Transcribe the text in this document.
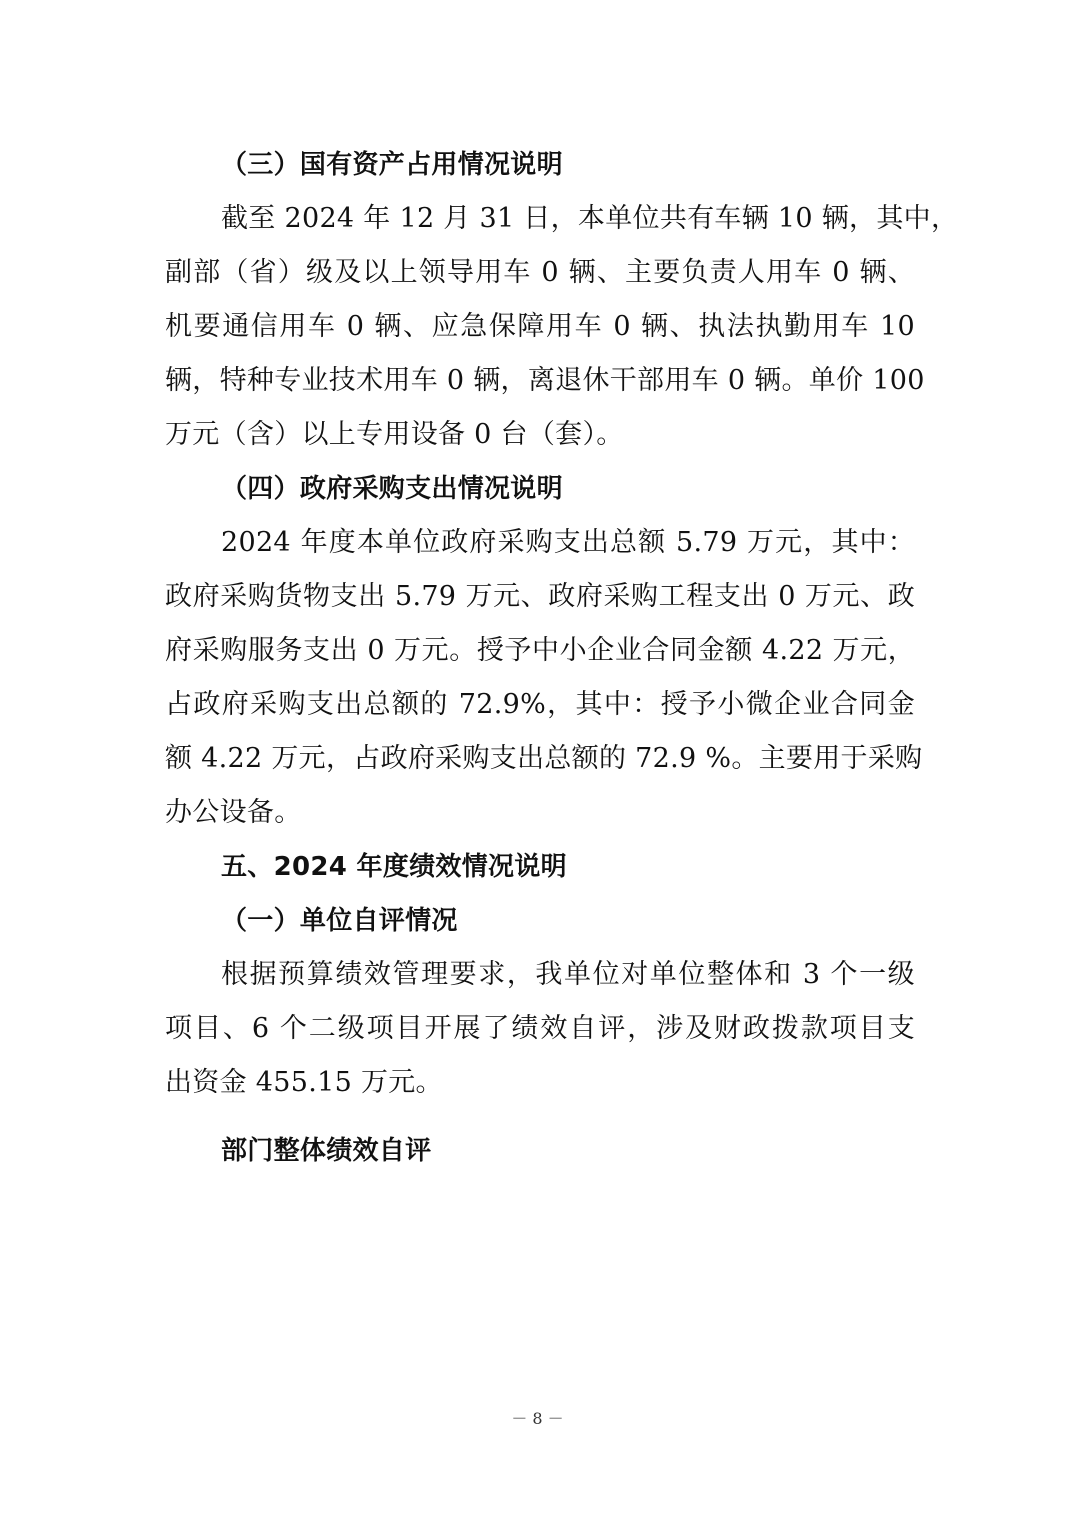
（三）国有资产占用情况说明
截至 2024 年 12 月 31 日，本单位共有车辆 10 辆，其中，
副部（省）级及以上领导用车 0 辆、主要负责人用车 0 辆、
机要通信用车 0 辆、应急保障用车 0 辆、执法执勤用车 10
辆，特种专业技术用车 0 辆，离退休干部用车 0 辆。单价 100
万元（含）以上专用设备 0 台（套）。
（四）政府采购支出情况说明
2024 年度本单位政府采购支出总额 5.79 万元，其中：
政府采购货物支出 5.79 万元、政府采购工程支出 0 万元、政
府采购服务支出 0 万元。授予中小企业合同金额 4.22 万元，
占政府采购支出总额的 72.9%，其中：授予小微企业合同金
额 4.22 万元，占政府采购支出总额的 72.9 %。主要用于采购
办公设备。
五、2024 年度绩效情况说明
（一）单位自评情况
根据预算绩效管理要求，我单位对单位整体和 3 个一级
项目、6 个二级项目开展了绩效自评，涉及财政拨款项目支
出资金 455.15 万元。
部门整体绩效自评
－ 8 －
